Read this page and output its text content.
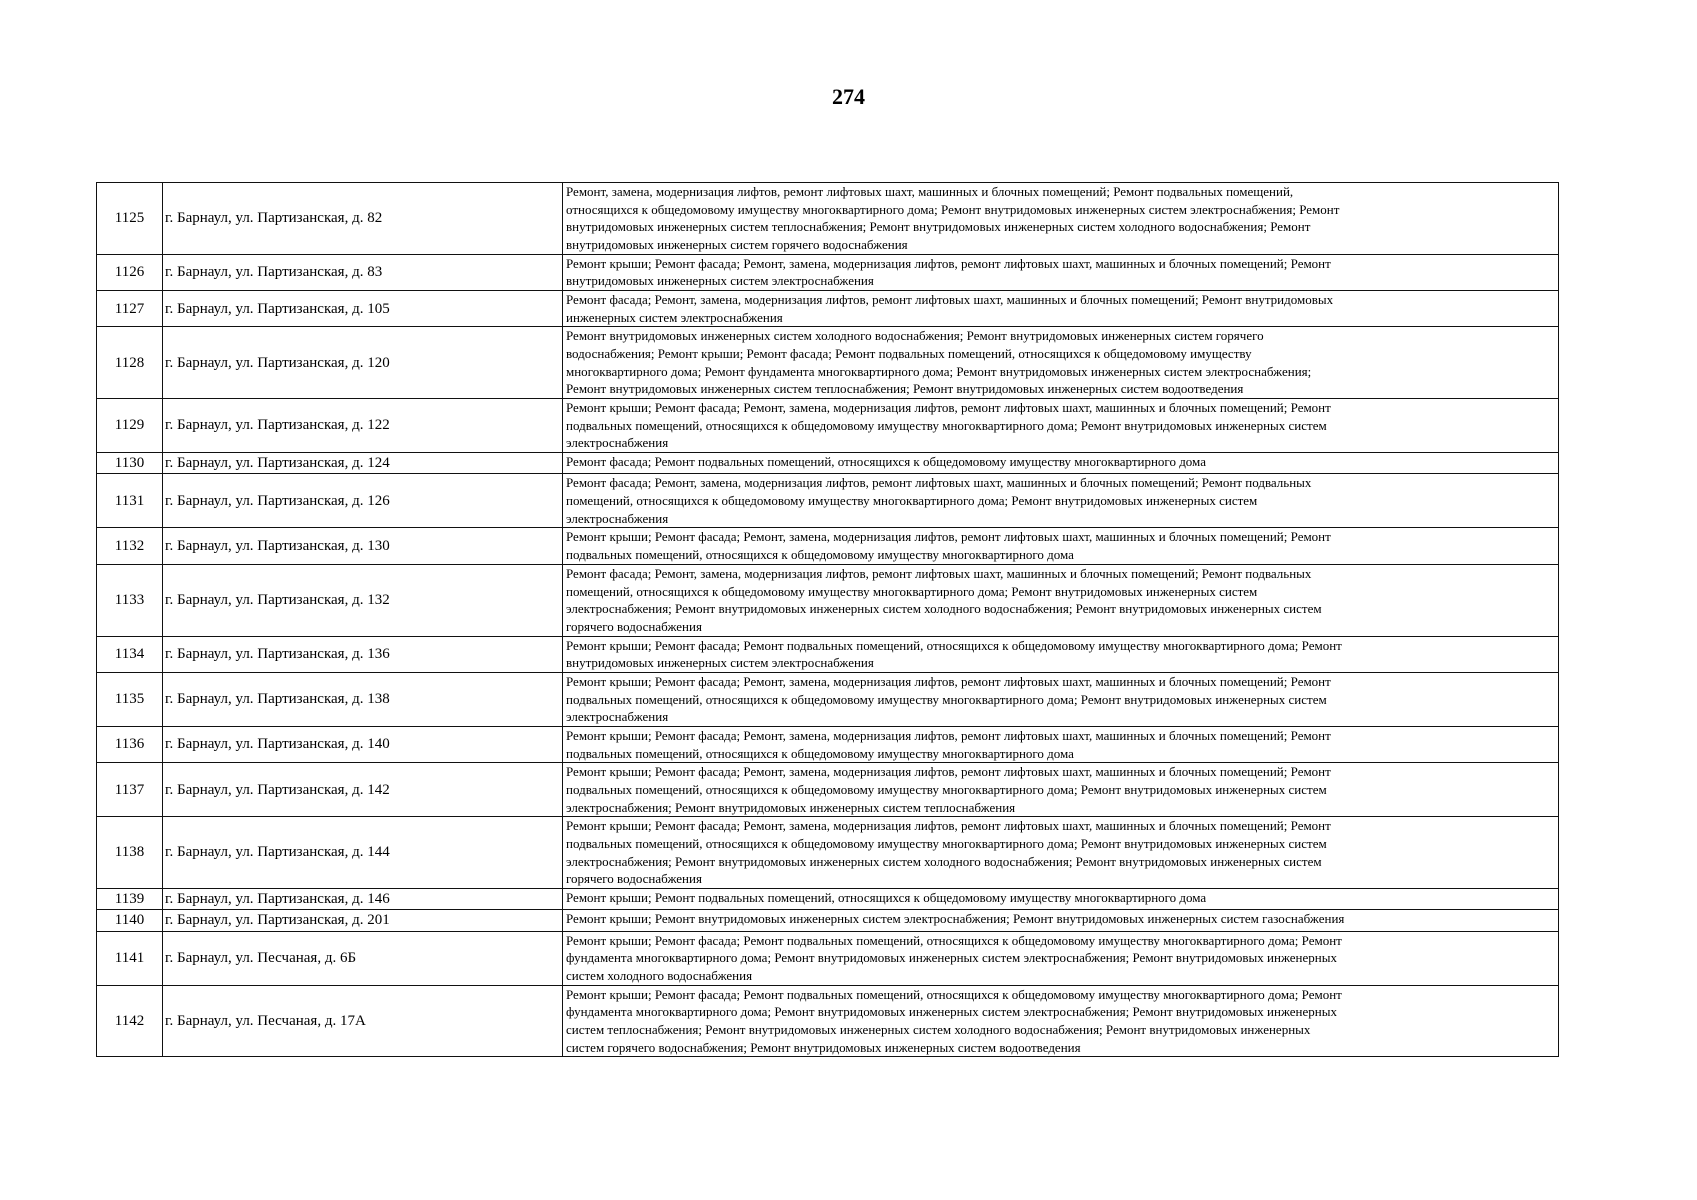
274
1125	г. Барнаул, ул. Партизанская, д. 82	Ремонт, замена, модернизация лифтов, ремонт лифтовых шахт, машинных и блочных помещений; Ремонт подвальных помещений,
относящихся к общедомовому имуществу многоквартирного дома; Ремонт внутридомовых инженерных систем электроснабжения; Ремонт
внутридомовых инженерных систем теплоснабжения; Ремонт внутридомовых инженерных систем холодного водоснабжения; Ремонт
внутридомовых инженерных систем горячего водоснабжения

1126	г. Барнаул, ул. Партизанская, д. 83	Ремонт крыши; Ремонт фасада; Ремонт, замена, модернизация лифтов, ремонт лифтовых шахт, машинных и блочных помещений; Ремонт
внутридомовых инженерных систем электроснабжения

1127	г. Барнаул, ул. Партизанская, д. 105	Ремонт фасада; Ремонт, замена, модернизация лифтов, ремонт лифтовых шахт, машинных и блочных помещений; Ремонт внутридомовых
инженерных систем электроснабжения

1128	г. Барнаул, ул. Партизанская, д. 120	Ремонт внутридомовых инженерных систем холодного водоснабжения; Ремонт внутридомовых инженерных систем горячего
водоснабжения; Ремонт крыши; Ремонт фасада; Ремонт подвальных помещений, относящихся к общедомовому имуществу
многоквартирного дома; Ремонт фундамента многоквартирного дома; Ремонт внутридомовых инженерных систем электроснабжения;
Ремонт внутридомовых инженерных систем теплоснабжения; Ремонт внутридомовых инженерных систем водоотведения

1129	г. Барнаул, ул. Партизанская, д. 122	Ремонт крыши; Ремонт фасада; Ремонт, замена, модернизация лифтов, ремонт лифтовых шахт, машинных и блочных помещений; Ремонт
подвальных помещений, относящихся к общедомовому имуществу многоквартирного дома; Ремонт внутридомовых инженерных систем
электроснабжения

1130	г. Барнаул, ул. Партизанская, д. 124	Ремонт фасада; Ремонт подвальных помещений, относящихся к общедомовому имуществу многоквартирного дома

1131	г. Барнаул, ул. Партизанская, д. 126	Ремонт фасада; Ремонт, замена, модернизация лифтов, ремонт лифтовых шахт, машинных и блочных помещений; Ремонт подвальных
помещений, относящихся к общедомовому имуществу многоквартирного дома; Ремонт внутридомовых инженерных систем
электроснабжения

1132	г. Барнаул, ул. Партизанская, д. 130	Ремонт крыши; Ремонт фасада; Ремонт, замена, модернизация лифтов, ремонт лифтовых шахт, машинных и блочных помещений; Ремонт
подвальных помещений, относящихся к общедомовому имуществу многоквартирного дома

1133	г. Барнаул, ул. Партизанская, д. 132	Ремонт фасада; Ремонт, замена, модернизация лифтов, ремонт лифтовых шахт, машинных и блочных помещений; Ремонт подвальных
помещений, относящихся к общедомовому имуществу многоквартирного дома; Ремонт внутридомовых инженерных систем
электроснабжения; Ремонт внутридомовых инженерных систем холодного водоснабжения; Ремонт внутридомовых инженерных систем
горячего водоснабжения

1134	г. Барнаул, ул. Партизанская, д. 136	Ремонт крыши; Ремонт фасада; Ремонт подвальных помещений, относящихся к общедомовому имуществу многоквартирного дома; Ремонт
внутридомовых инженерных систем электроснабжения

1135	г. Барнаул, ул. Партизанская, д. 138	Ремонт крыши; Ремонт фасада; Ремонт, замена, модернизация лифтов, ремонт лифтовых шахт, машинных и блочных помещений; Ремонт
подвальных помещений, относящихся к общедомовому имуществу многоквартирного дома; Ремонт внутридомовых инженерных систем
электроснабжения

1136	г. Барнаул, ул. Партизанская, д. 140	Ремонт крыши; Ремонт фасада; Ремонт, замена, модернизация лифтов, ремонт лифтовых шахт, машинных и блочных помещений; Ремонт
подвальных помещений, относящихся к общедомовому имуществу многоквартирного дома

1137	г. Барнаул, ул. Партизанская, д. 142	Ремонт крыши; Ремонт фасада; Ремонт, замена, модернизация лифтов, ремонт лифтовых шахт, машинных и блочных помещений; Ремонт
подвальных помещений, относящихся к общедомовому имуществу многоквартирного дома; Ремонт внутридомовых инженерных систем
электроснабжения; Ремонт внутридомовых инженерных систем теплоснабжения

1138	г. Барнаул, ул. Партизанская, д. 144	Ремонт крыши; Ремонт фасада; Ремонт, замена, модернизация лифтов, ремонт лифтовых шахт, машинных и блочных помещений; Ремонт
подвальных помещений, относящихся к общедомовому имуществу многоквартирного дома; Ремонт внутридомовых инженерных систем
электроснабжения; Ремонт внутридомовых инженерных систем холодного водоснабжения; Ремонт внутридомовых инженерных систем
горячего водоснабжения

1139	г. Барнаул, ул. Партизанская, д. 146	Ремонт крыши; Ремонт подвальных помещений, относящихся к общедомовому имуществу многоквартирного дома

1140	г. Барнаул, ул. Партизанская, д. 201	Ремонт крыши; Ремонт внутридомовых инженерных систем электроснабжения; Ремонт внутридомовых инженерных систем газоснабжения

1141	г. Барнаул, ул. Песчаная, д. 6Б	Ремонт крыши; Ремонт фасада; Ремонт подвальных помещений, относящихся к общедомовому имуществу многоквартирного дома; Ремонт
фундамента многоквартирного дома; Ремонт внутридомовых инженерных систем электроснабжения; Ремонт внутридомовых инженерных
систем холодного водоснабжения

1142	г. Барнаул, ул. Песчаная, д. 17А	Ремонт крыши; Ремонт фасада; Ремонт подвальных помещений, относящихся к общедомовому имуществу многоквартирного дома; Ремонт
фундамента многоквартирного дома; Ремонт внутридомовых инженерных систем электроснабжения; Ремонт внутридомовых инженерных
систем теплоснабжения; Ремонт внутридомовых инженерных систем холодного водоснабжения; Ремонт внутридомовых инженерных
систем горячего водоснабжения; Ремонт внутридомовых инженерных систем водоотведения
